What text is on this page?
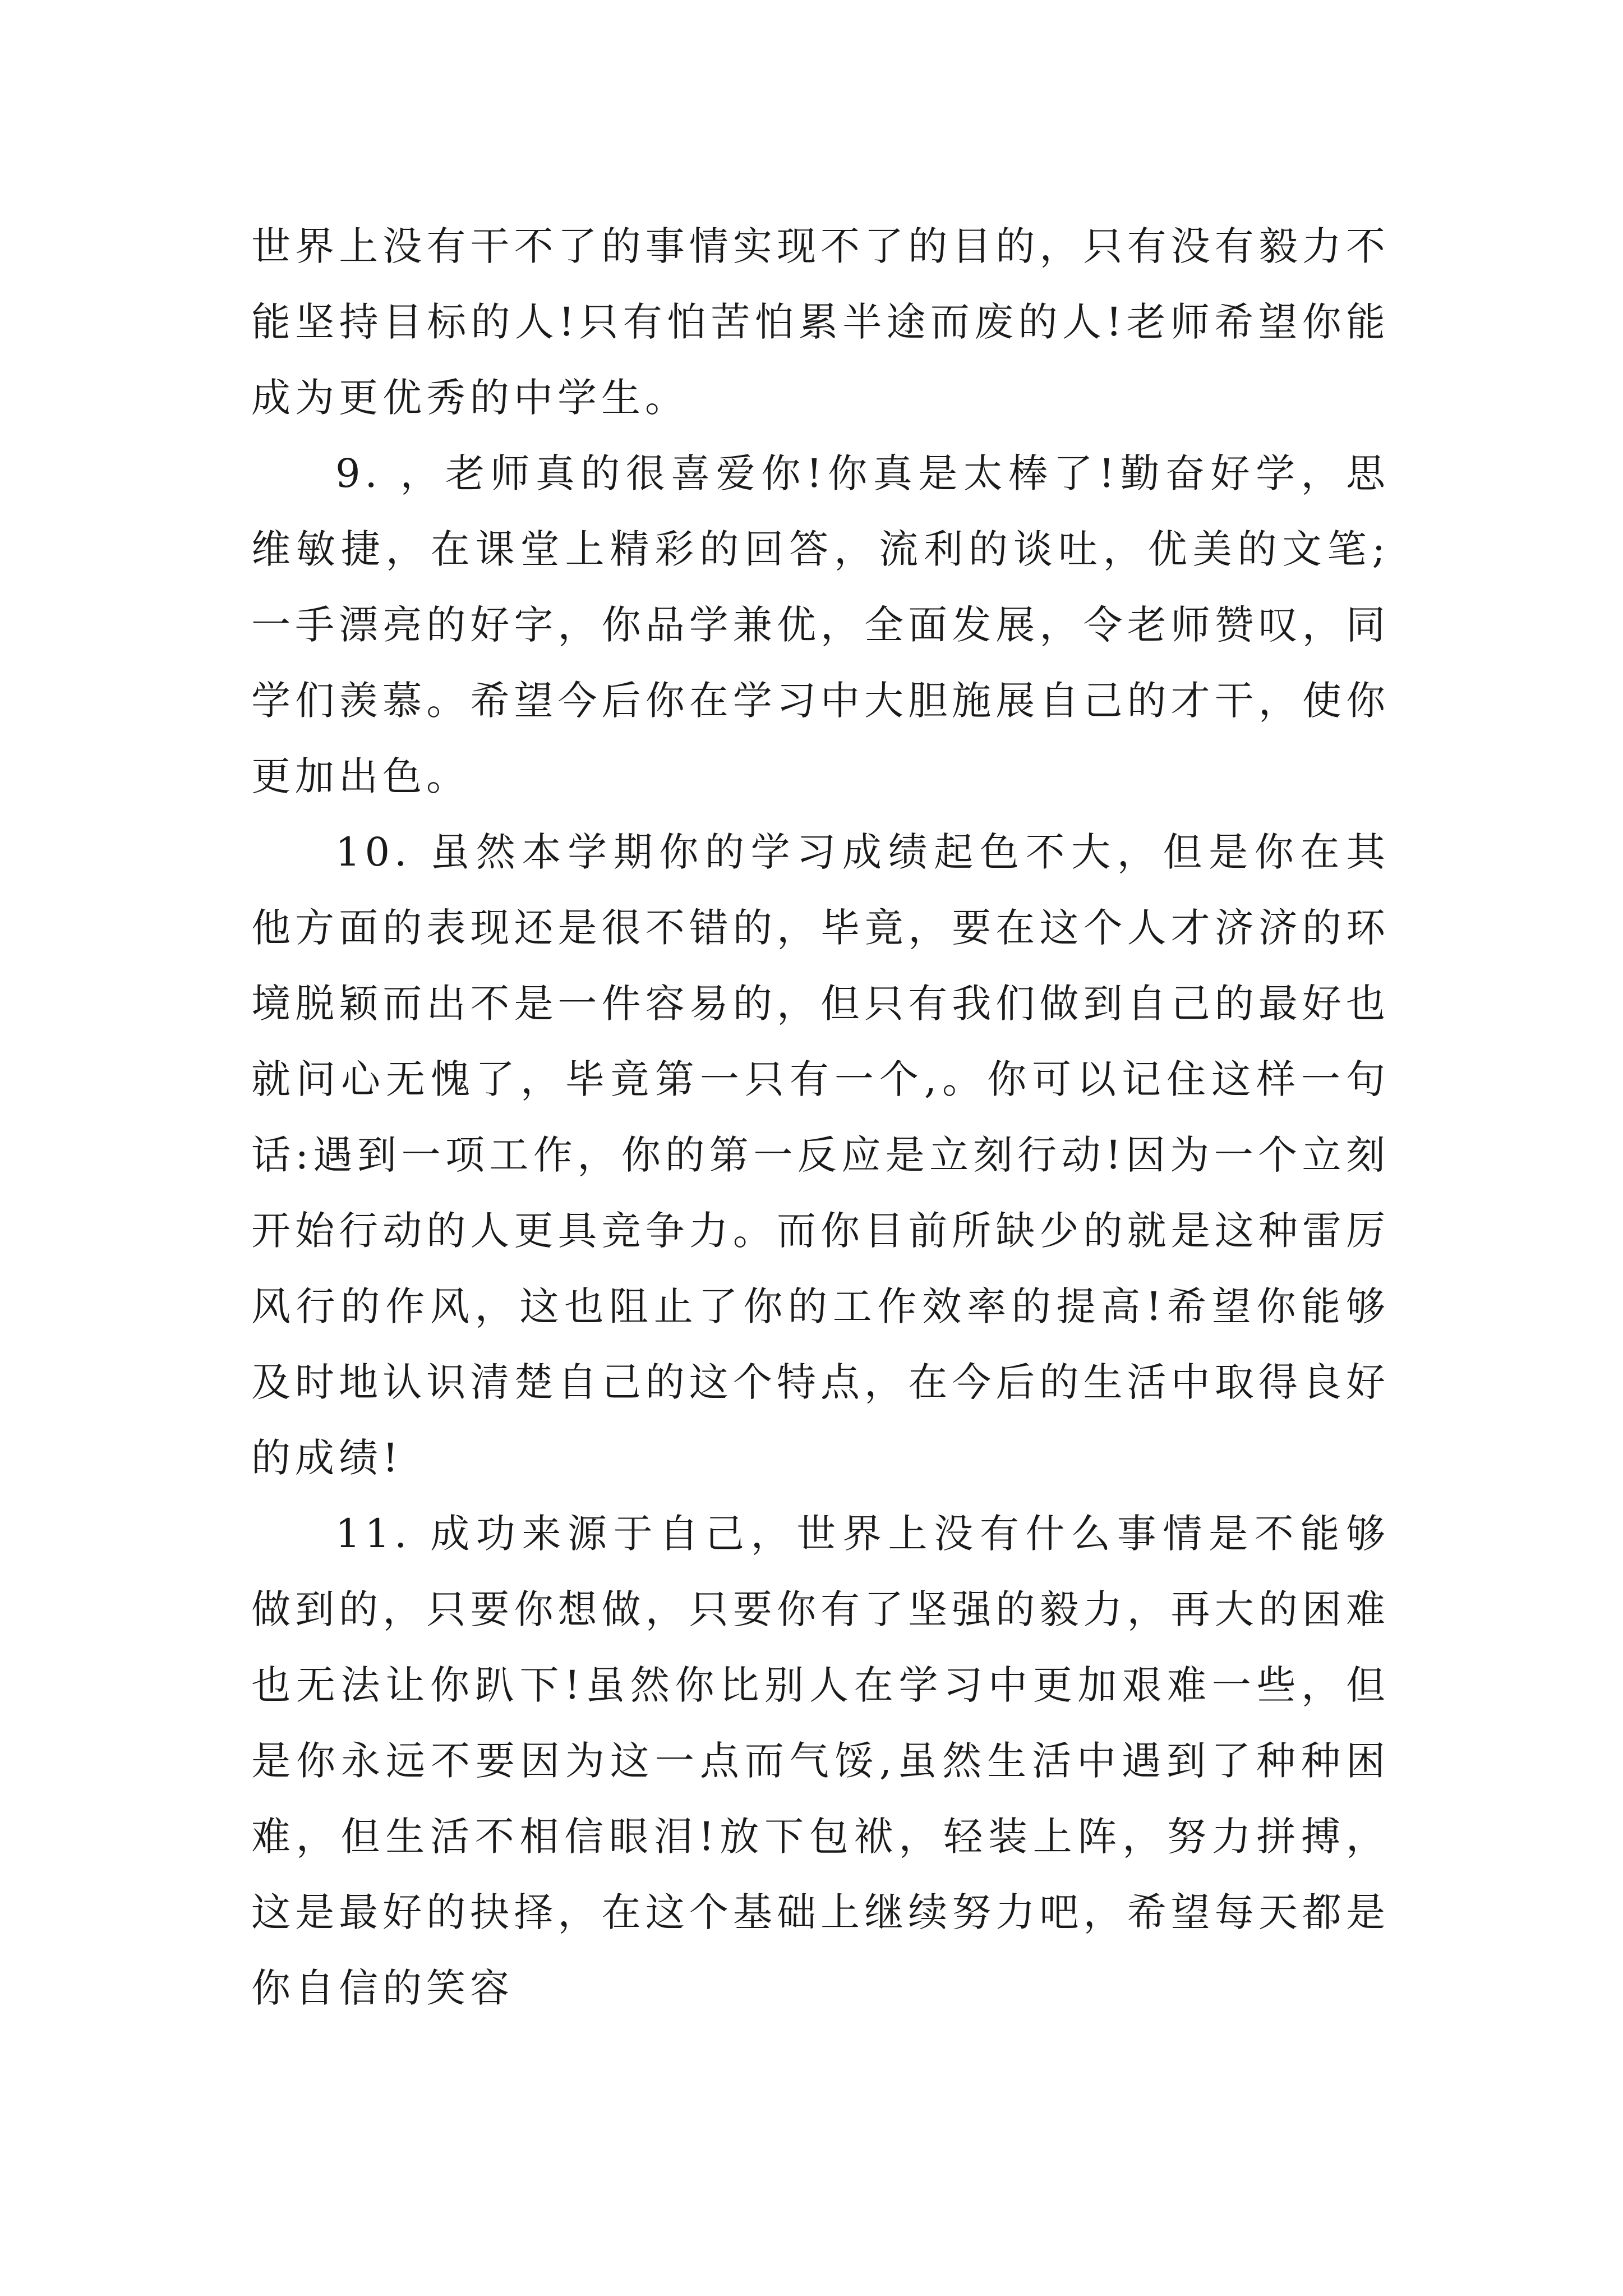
世界上没有干不了的事情实现不了的目的，只有没有毅力不能坚持目标的人!只有怕苦怕累半途而废的人!老师希望你能成为更优秀的中学生。

9. ，老师真的很喜爱你!你真是太棒了!勤奋好学，思维敏捷，在课堂上精彩的回答，流利的谈吐，优美的文笔;一手漂亮的好字，你品学兼优，全面发展，令老师赞叹，同学们羡慕。希望今后你在学习中大胆施展自己的才干，使你更加出色。

10. 虽然本学期你的学习成绩起色不大，但是你在其他方面的表现还是很不错的，毕竟，要在这个人才济济的环境脱颖而出不是一件容易的，但只有我们做到自己的最好也就问心无愧了，毕竟第一只有一个,。你可以记住这样一句话:遇到一项工作，你的第一反应是立刻行动!因为一个立刻开始行动的人更具竞争力。而你目前所缺少的就是这种雷厉风行的作风，这也阻止了你的工作效率的提高!希望你能够及时地认识清楚自己的这个特点，在今后的生活中取得良好的成绩!

11. 成功来源于自己，世界上没有什么事情是不能够做到的，只要你想做，只要你有了坚强的毅力，再大的困难也无法让你趴下!虽然你比别人在学习中更加艰难一些，但是你永远不要因为这一点而气馁,虽然生活中遇到了种种困难，但生活不相信眼泪!放下包袱，轻装上阵，努力拼搏，这是最好的抉择，在这个基础上继续努力吧，希望每天都是你自信的笑容
